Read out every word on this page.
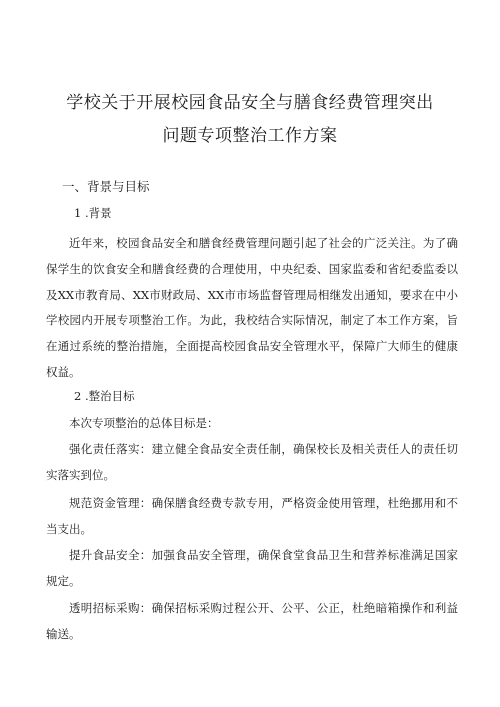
学校关于开展校园食品安全与膳食经费管理突出
问题专项整治工作方案
一、背景与目标
1 .背景

近年来，校园食品安全和膳食经费管理问题引起了社会的广泛关注。为了确保学生的饮食安全和膳食经费的合理使用，中央纪委、国家监委和省纪委监委以及XX市教育局、XX市财政局、XX市市场监督管理局相继发出通知，要求在中小学校园内开展专项整治工作。为此，我校结合实际情况，制定了本工作方案，旨在通过系统的整治措施，全面提高校园食品安全管理水平，保障广大师生的健康权益。

2 .整治目标

本次专项整治的总体目标是：

强化责任落实：建立健全食品安全责任制，确保校长及相关责任人的责任切实落实到位。

规范资金管理：确保膳食经费专款专用，严格资金使用管理，杜绝挪用和不当支出。

提升食品安全：加强食品安全管理，确保食堂食品卫生和营养标准满足国家规定。

透明招标采购：确保招标采购过程公开、公平、公正，杜绝暗箱操作和利益输送。
